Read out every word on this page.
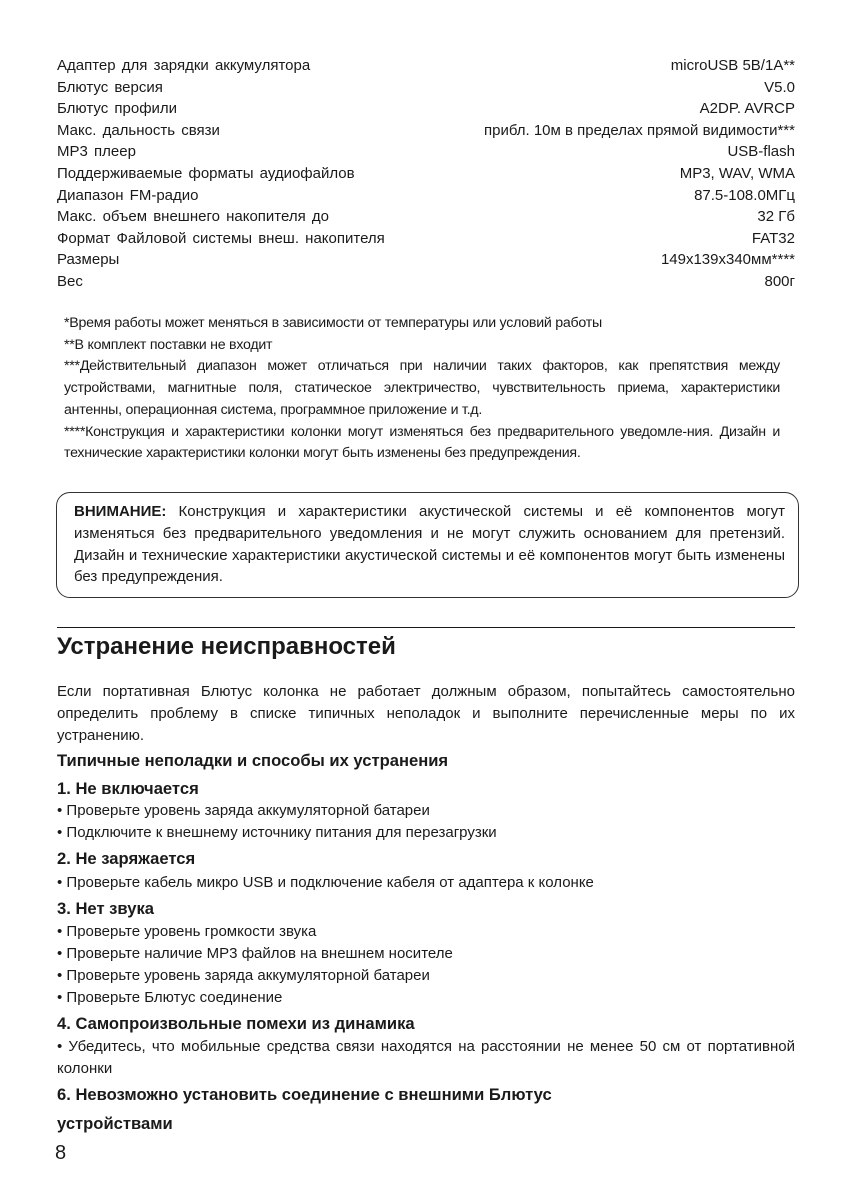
Адаптер для зарядки аккумулятора	microUSB 5В/1А**
Блютус версия	V5.0
Блютус профили	A2DP. AVRCP
Макс. дальность связи	прибл. 10м в пределах прямой видимости***
MP3 плеер	USB-flash
Поддерживаемые форматы аудиофайлов	MP3, WAV, WMA
Диапазон FM-радио	87.5-108.0МГц
Макс. объем внешнего накопителя до	32 Гб
Формат Файловой системы внеш. накопителя	FAT32
Размеры	149x139x340мм****
Вес	800г

*Время работы может меняться в зависимости от температуры или условий работы

**В комплект поставки не входит

***Действительный диапазон может отличаться при наличии таких факторов, как препятствия между устройствами, магнитные поля, статическое электричество, чувствительность приема, характеристики антенны, операционная система, программное приложение и т.д.

****Конструкция и характеристики колонки могут изменяться без предварительного уведомле-ния. Дизайн и технические характеристики колонки могут быть изменены без предупреждения.

ВНИМАНИЕ: Конструкция и характеристики акустической системы и её компонентов могут изменяться без предварительного уведомления и не могут служить основанием для претензий. Дизайн и технические характеристики акустической системы и её компонентов могут быть изменены без предупреждения.
Устранение неисправностей

Если портативная Блютус колонка не работает должным образом, попытайтесь самостоятельно определить проблему в списке типичных неполадок и выполните перечисленные меры по их устранению.

Типичные неполадки и способы их устранения
1. Не включается
• Проверьте уровень заряда аккумуляторной батареи
• Подключите к внешнему источнику питания для перезагрузки
2. Не заряжается
• Проверьте кабель микро USB и подключение кабеля от адаптера к колонке
3. Нет звука
• Проверьте уровень громкости звука
• Проверьте наличие МР3 файлов на внешнем носителе
• Проверьте уровень заряда аккумуляторной батареи
• Проверьте Блютус соединение
4. Самопроизвольные помехи из динамика

• Убедитесь, что мобильные средства связи находятся на расстоянии не менее 50 см от портативной колонки

6. Невозможно установить соединение с внешними Блютус
устройствами
8
